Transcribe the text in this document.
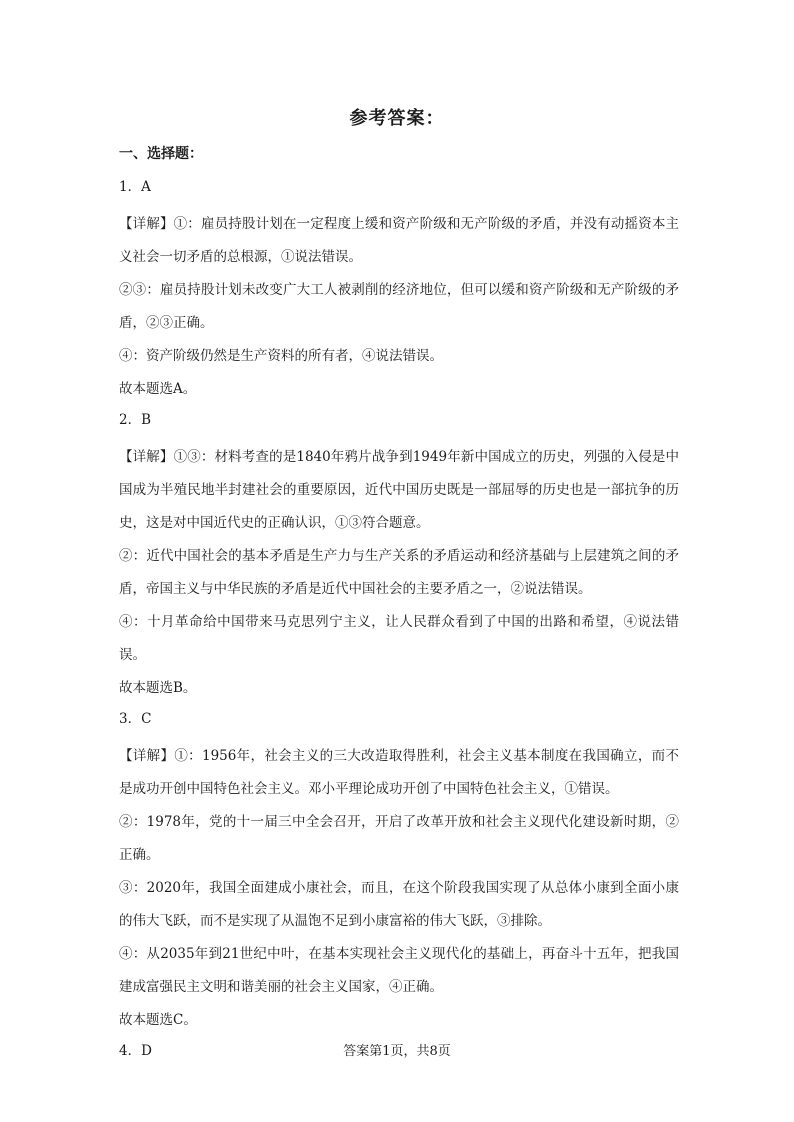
参考答案：
一、选择题：
1．A

【详解】①：雇员持股计划在一定程度上缓和资产阶级和无产阶级的矛盾，并没有动摇资本主义社会一切矛盾的总根源，①说法错误。

②③：雇员持股计划未改变广大工人被剥削的经济地位，但可以缓和资产阶级和无产阶级的矛盾，②③正确。

④：资产阶级仍然是生产资料的所有者，④说法错误。

故本题选A。

2．B

【详解】①③：材料考查的是1840年鸦片战争到1949年新中国成立的历史，列强的入侵是中国成为半殖民地半封建社会的重要原因，近代中国历史既是一部屈辱的历史也是一部抗争的历史，这是对中国近代史的正确认识，①③符合题意。

②：近代中国社会的基本矛盾是生产力与生产关系的矛盾运动和经济基础与上层建筑之间的矛盾，帝国主义与中华民族的矛盾是近代中国社会的主要矛盾之一，②说法错误。

④：十月革命给中国带来马克思列宁主义，让人民群众看到了中国的出路和希望，④说法错误。

故本题选B。

3．C

【详解】①：1956年，社会主义的三大改造取得胜利，社会主义基本制度在我国确立，而不是成功开创中国特色社会主义。邓小平理论成功开创了中国特色社会主义，①错误。

②：1978年，党的十一届三中全会召开，开启了改革开放和社会主义现代化建设新时期，②正确。

③：2020年，我国全面建成小康社会，而且，在这个阶段我国实现了从总体小康到全面小康的伟大飞跃，而不是实现了从温饱不足到小康富裕的伟大飞跃，③排除。

④：从2035年到21世纪中叶，在基本实现社会主义现代化的基础上，再奋斗十五年，把我国建成富强民主文明和谐美丽的社会主义国家，④正确。

故本题选C。

4．D	答案第1页，共8页
